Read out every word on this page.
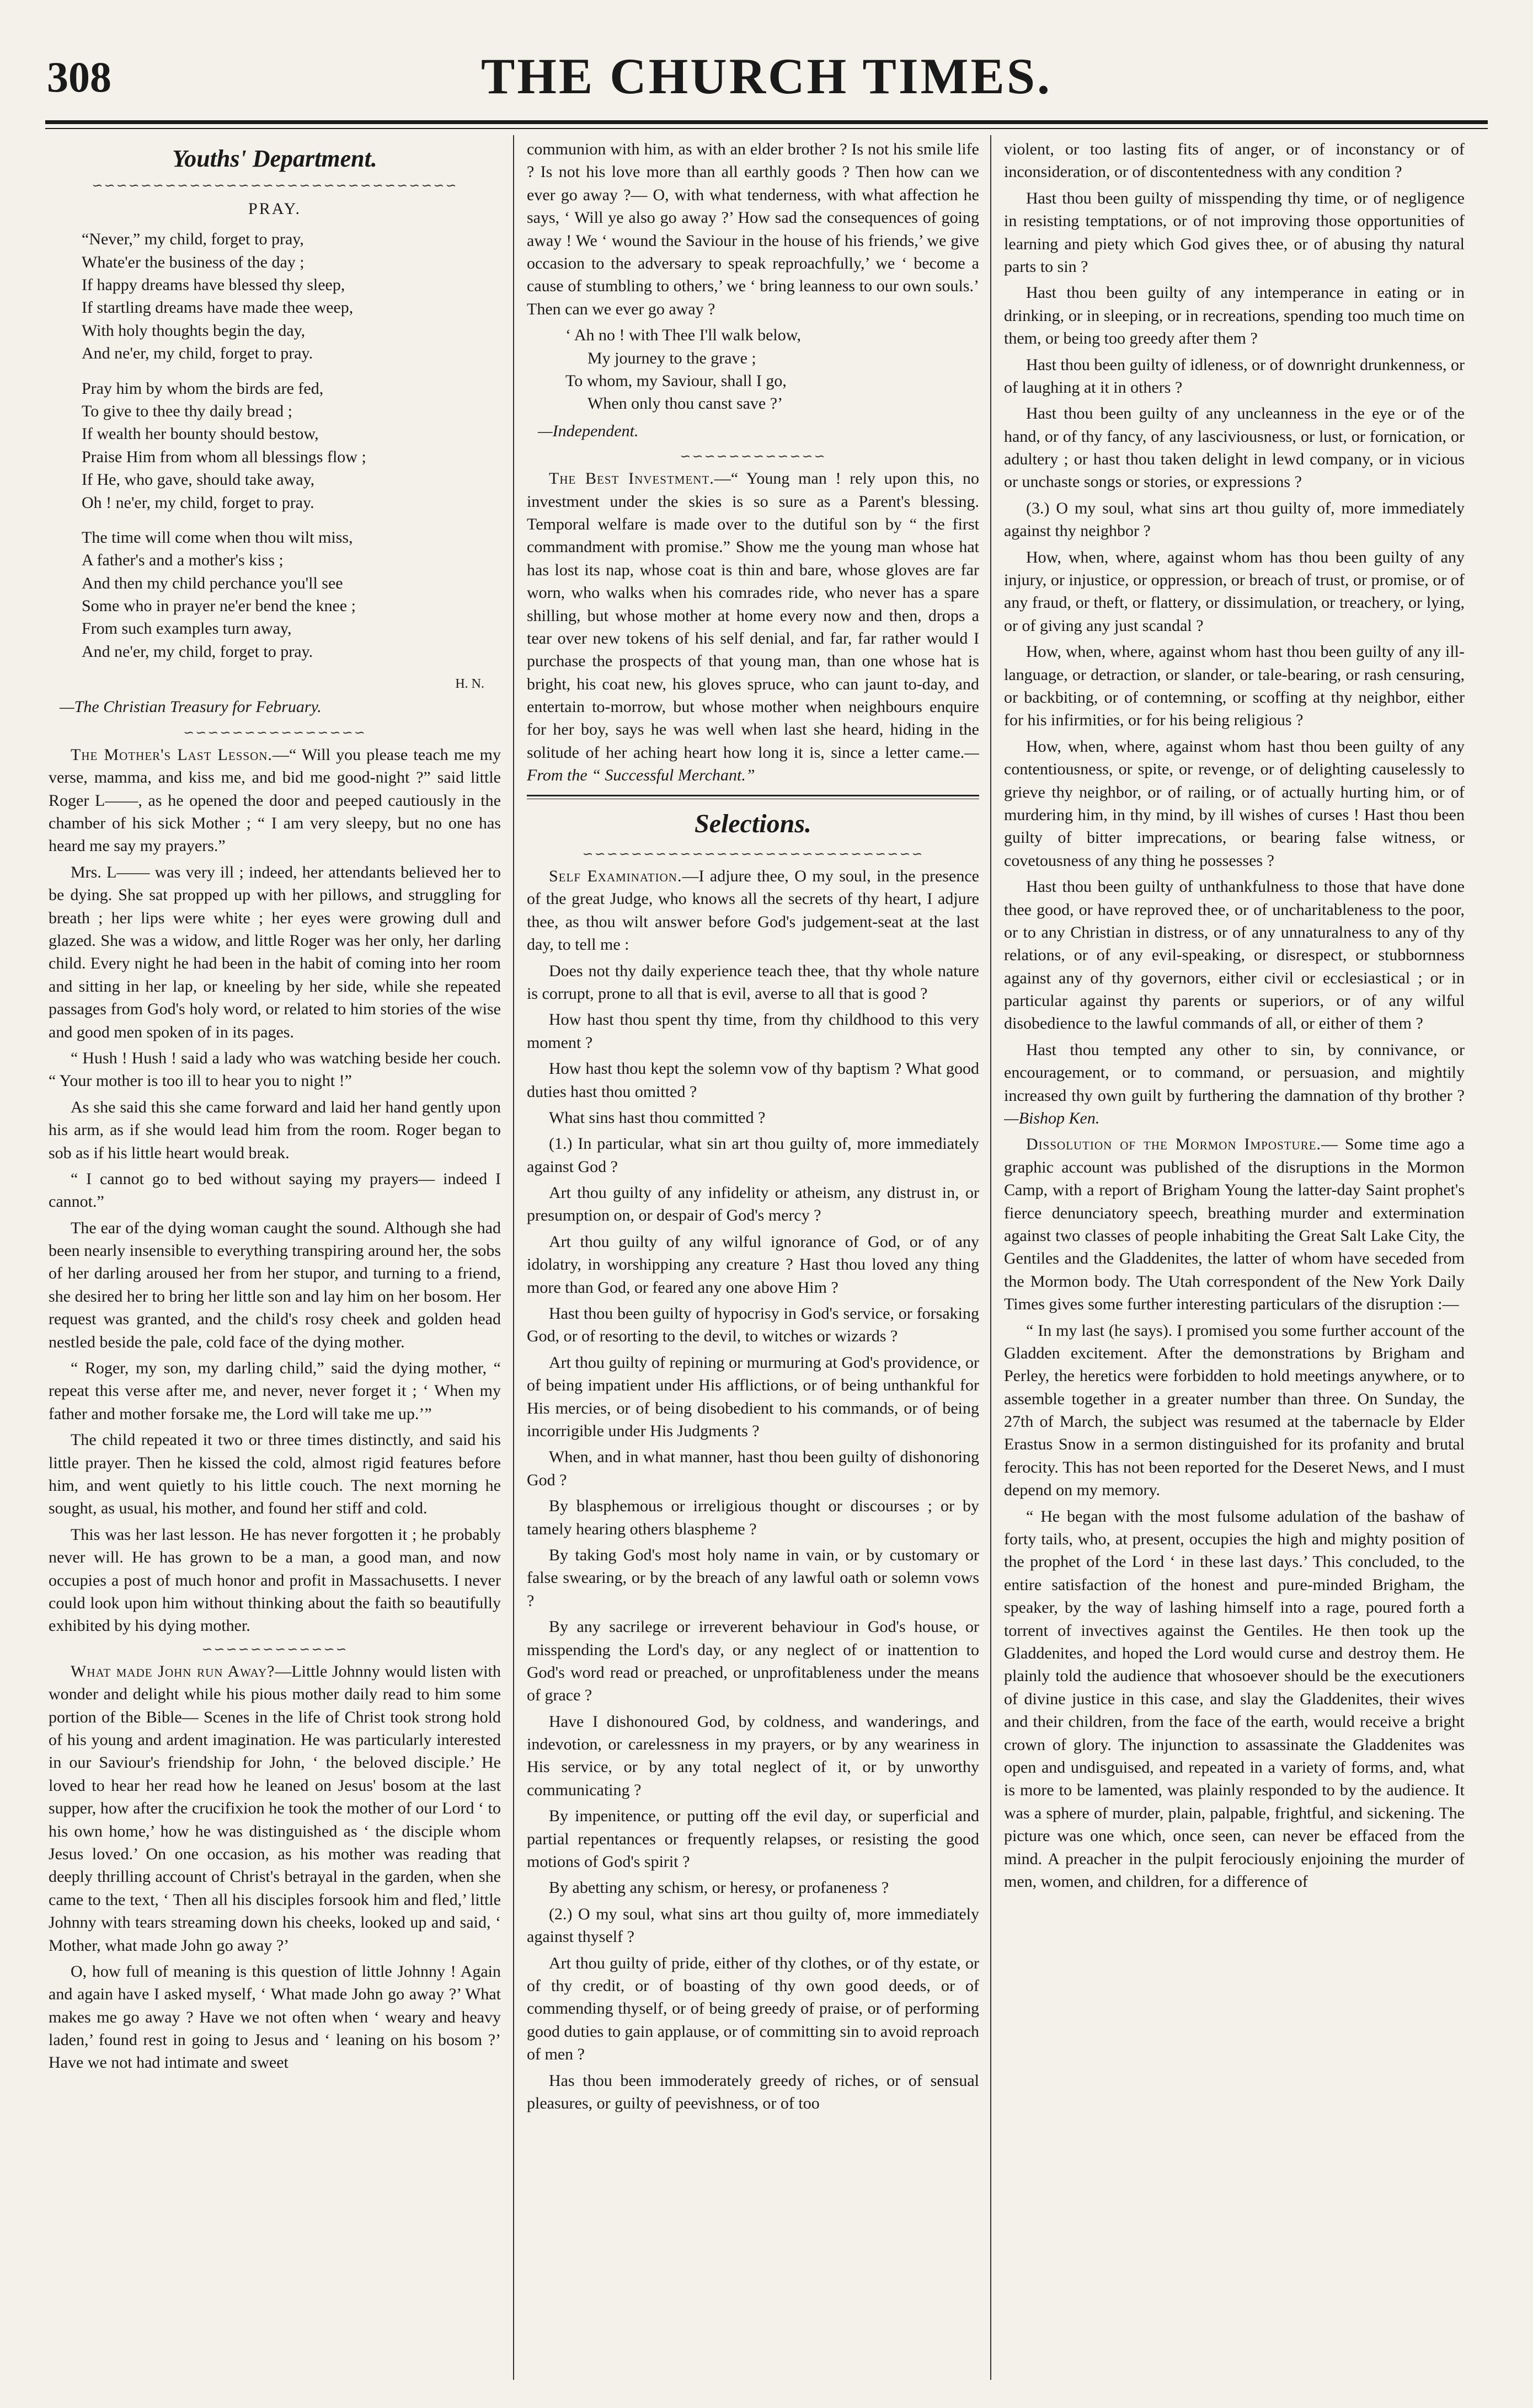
308	THE CHURCH TIMES.
Youths' Department.
∽∽∽∽∽∽∽∽∽∽∽∽∽∽∽∽∽∽∽∽∽∽∽∽∽∽∽∽∽∽
PRAY.

“Never,” my child, forget to pray,

Whate'er the business of the day ;

If happy dreams have blessed thy sleep,

If startling dreams have made thee weep,

With holy thoughts begin the day,

And ne'er, my child, forget to pray.

Pray him by whom the birds are fed,

To give to thee thy daily bread ;

If wealth her bounty should bestow,

Praise Him from whom all blessings flow ;

If He, who gave, should take away,

Oh ! ne'er, my child, forget to pray.

The time will come when thou wilt miss,

A father's and a mother's kiss ;

And then my child perchance you'll see

Some who in prayer ne'er bend the knee ;

From such examples turn away,

And ne'er, my child, forget to pray.

H. N.
—The Christian Treasury for February.
∽∽∽∽∽∽∽∽∽∽∽∽∽∽∽

The Mother's Last Lesson.—“ Will you please teach me my verse, mamma, and kiss me, and bid me good-night ?” said little Roger L——, as he opened the door and peeped cautiously in the chamber of his sick Mother ; “ I am very sleepy, but no one has heard me say my prayers.”

Mrs. L—— was very ill ; indeed, her attendants believed her to be dying. She sat propped up with her pillows, and struggling for breath ; her lips were white ; her eyes were growing dull and glazed. She was a widow, and little Roger was her only, her darling child. Every night he had been in the habit of coming into her room and sitting in her lap, or kneeling by her side, while she repeated passages from God's holy word, or related to him stories of the wise and good men spoken of in its pages.

“ Hush ! Hush ! said a lady who was watching beside her couch. “ Your mother is too ill to hear you to night !”

As she said this she came forward and laid her hand gently upon his arm, as if she would lead him from the room. Roger began to sob as if his little heart would break.

“ I cannot go to bed without saying my prayers— indeed I cannot.”

The ear of the dying woman caught the sound. Although she had been nearly insensible to everything transpiring around her, the sobs of her darling aroused her from her stupor, and turning to a friend, she desired her to bring her little son and lay him on her bosom. Her request was granted, and the child's rosy cheek and golden head nestled beside the pale, cold face of the dying mother.

“ Roger, my son, my darling child,” said the dying mother, “ repeat this verse after me, and never, never forget it ; ‘ When my father and mother forsake me, the Lord will take me up.’”

The child repeated it two or three times distinctly, and said his little prayer. Then he kissed the cold, almost rigid features before him, and went quietly to his little couch. The next morning he sought, as usual, his mother, and found her stiff and cold.

This was her last lesson. He has never forgotten it ; he probably never will. He has grown to be a man, a good man, and now occupies a post of much honor and profit in Massachusetts. I never could look upon him without thinking about the faith so beautifully exhibited by his dying mother.

∽∽∽∽∽∽∽∽∽∽∽∽

What made John run Away?—Little Johnny would listen with wonder and delight while his pious mother daily read to him some portion of the Bible— Scenes in the life of Christ took strong hold of his young and ardent imagination. He was particularly interested in our Saviour's friendship for John, ‘ the beloved disciple.’ He loved to hear her read how he leaned on Jesus' bosom at the last supper, how after the crucifixion he took the mother of our Lord ‘ to his own home,’ how he was distinguished as ‘ the disciple whom Jesus loved.’ On one occasion, as his mother was reading that deeply thrilling account of Christ's betrayal in the garden, when she came to the text, ‘ Then all his disciples forsook him and fled,’ little Johnny with tears streaming down his cheeks, looked up and said, ‘ Mother, what made John go away ?’

O, how full of meaning is this question of little Johnny ! Again and again have I asked myself, ‘ What made John go away ?’ What makes me go away ? Have we not often when ‘ weary and heavy laden,’ found rest in going to Jesus and ‘ leaning on his bosom ?’ Have we not had intimate and sweet

communion with him, as with an elder brother ? Is not his smile life ? Is not his love more than all earthly goods ? Then how can we ever go away ?— O, with what tenderness, with what affection he says, ‘ Will ye also go away ?’ How sad the consequences of going away ! We ‘ wound the Saviour in the house of his friends,’ we give occasion to the adversary to speak reproachfully,’ we ‘ become a cause of stumbling to others,’ we ‘ bring leanness to our own souls.’ Then can we ever go away ?

‘ Ah no ! with Thee I'll walk below,

My journey to the grave ;

To whom, my Saviour, shall I go,

When only thou canst save ?’

—Independent.
∽∽∽∽∽∽∽∽∽∽∽∽

The Best Investment.—“ Young man ! rely upon this, no investment under the skies is so sure as a Parent's blessing. Temporal welfare is made over to the dutiful son by “ the first commandment with promise.” Show me the young man whose hat has lost its nap, whose coat is thin and bare, whose gloves are far worn, who walks when his comrades ride, who never has a spare shilling, but whose mother at home every now and then, drops a tear over new tokens of his self denial, and far, far rather would I purchase the prospects of that young man, than one whose hat is bright, his coat new, his gloves spruce, who can jaunt to-day, and entertain to-morrow, but whose mother when neighbours enquire for her boy, says he was well when last she heard, hiding in the solitude of her aching heart how long it is, since a letter came.—From the “ Successful Merchant.”

Selections.
∽∽∽∽∽∽∽∽∽∽∽∽∽∽∽∽∽∽∽∽∽∽∽∽∽∽∽∽

Self Examination.—I adjure thee, O my soul, in the presence of the great Judge, who knows all the secrets of thy heart, I adjure thee, as thou wilt answer before God's judgement-seat at the last day, to tell me :

Does not thy daily experience teach thee, that thy whole nature is corrupt, prone to all that is evil, averse to all that is good ?

How hast thou spent thy time, from thy childhood to this very moment ?

How hast thou kept the solemn vow of thy baptism ? What good duties hast thou omitted ?

What sins hast thou committed ?

(1.) In particular, what sin art thou guilty of, more immediately against God ?

Art thou guilty of any infidelity or atheism, any distrust in, or presumption on, or despair of God's mercy ?

Art thou guilty of any wilful ignorance of God, or of any idolatry, in worshipping any creature ? Hast thou loved any thing more than God, or feared any one above Him ?

Hast thou been guilty of hypocrisy in God's service, or forsaking God, or of resorting to the devil, to witches or wizards ?

Art thou guilty of repining or murmuring at God's providence, or of being impatient under His afflictions, or of being unthankful for His mercies, or of being disobedient to his commands, or of being incorrigible under His Judgments ?

When, and in what manner, hast thou been guilty of dishonoring God ?

By blasphemous or irreligious thought or discourses ; or by tamely hearing others blaspheme ?

By taking God's most holy name in vain, or by customary or false swearing, or by the breach of any lawful oath or solemn vows ?

By any sacrilege or irreverent behaviour in God's house, or misspending the Lord's day, or any neglect of or inattention to God's word read or preached, or unprofitableness under the means of grace ?

Have I dishonoured God, by coldness, and wanderings, and indevotion, or carelessness in my prayers, or by any weariness in His service, or by any total neglect of it, or by unworthy communicating ?

By impenitence, or putting off the evil day, or superficial and partial repentances or frequently relapses, or resisting the good motions of God's spirit ?

By abetting any schism, or heresy, or profaneness ?

(2.) O my soul, what sins art thou guilty of, more immediately against thyself ?

Art thou guilty of pride, either of thy clothes, or of thy estate, or of thy credit, or of boasting of thy own good deeds, or of commending thyself, or of being greedy of praise, or of performing good duties to gain applause, or of committing sin to avoid reproach of men ?

Has thou been immoderately greedy of riches, or of sensual pleasures, or guilty of peevishness, or of too

violent, or too lasting fits of anger, or of inconstancy or of inconsideration, or of discontentedness with any condition ?

Hast thou been guilty of misspending thy time, or of negligence in resisting temptations, or of not improving those opportunities of learning and piety which God gives thee, or of abusing thy natural parts to sin ?

Hast thou been guilty of any intemperance in eating or in drinking, or in sleeping, or in recreations, spending too much time on them, or being too greedy after them ?

Hast thou been guilty of idleness, or of downright drunkenness, or of laughing at it in others ?

Hast thou been guilty of any uncleanness in the eye or of the hand, or of thy fancy, of any lasciviousness, or lust, or fornication, or adultery ; or hast thou taken delight in lewd company, or in vicious or unchaste songs or stories, or expressions ?

(3.) O my soul, what sins art thou guilty of, more immediately against thy neighbor ?

How, when, where, against whom has thou been guilty of any injury, or injustice, or oppression, or breach of trust, or promise, or of any fraud, or theft, or flattery, or dissimulation, or treachery, or lying, or of giving any just scandal ?

How, when, where, against whom hast thou been guilty of any ill-language, or detraction, or slander, or tale-bearing, or rash censuring, or backbiting, or of contemning, or scoffing at thy neighbor, either for his infirmities, or for his being religious ?

How, when, where, against whom hast thou been guilty of any contentiousness, or spite, or revenge, or of delighting causelessly to grieve thy neighbor, or of railing, or of actually hurting him, or of murdering him, in thy mind, by ill wishes of curses ! Hast thou been guilty of bitter imprecations, or bearing false witness, or covetousness of any thing he possesses ?

Hast thou been guilty of unthankfulness to those that have done thee good, or have reproved thee, or of uncharitableness to the poor, or to any Christian in distress, or of any unnaturalness to any of thy relations, or of any evil-speaking, or disrespect, or stubbornness against any of thy governors, either civil or ecclesiastical ; or in particular against thy parents or superiors, or of any wilful disobedience to the lawful commands of all, or either of them ?

Hast thou tempted any other to sin, by connivance, or encouragement, or to command, or persuasion, and mightily increased thy own guilt by furthering the damnation of thy brother ?—Bishop Ken.

Dissolution of the Mormon Imposture.— Some time ago a graphic account was published of the disruptions in the Mormon Camp, with a report of Brigham Young the latter-day Saint prophet's fierce denunciatory speech, breathing murder and extermination against two classes of people inhabiting the Great Salt Lake City, the Gentiles and the Gladdenites, the latter of whom have seceded from the Mormon body. The Utah correspondent of the New York Daily Times gives some further interesting particulars of the disruption :—

“ In my last (he says). I promised you some further account of the Gladden excitement. After the demonstrations by Brigham and Perley, the heretics were forbidden to hold meetings anywhere, or to assemble together in a greater number than three. On Sunday, the 27th of March, the subject was resumed at the tabernacle by Elder Erastus Snow in a sermon distinguished for its profanity and brutal ferocity. This has not been reported for the Deseret News, and I must depend on my memory.

“ He began with the most fulsome adulation of the bashaw of forty tails, who, at present, occupies the high and mighty position of the prophet of the Lord ‘ in these last days.’ This concluded, to the entire satisfaction of the honest and pure-minded Brigham, the speaker, by the way of lashing himself into a rage, poured forth a torrent of invectives against the Gentiles. He then took up the Gladdenites, and hoped the Lord would curse and destroy them. He plainly told the audience that whosoever should be the executioners of divine justice in this case, and slay the Gladdenites, their wives and their children, from the face of the earth, would receive a bright crown of glory. The injunction to assassinate the Gladdenites was open and undisguised, and repeated in a variety of forms, and, what is more to be lamented, was plainly responded to by the audience. It was a sphere of murder, plain, palpable, frightful, and sickening. The picture was one which, once seen, can never be effaced from the mind. A preacher in the pulpit ferociously enjoining the murder of men, women, and children, for a difference of
